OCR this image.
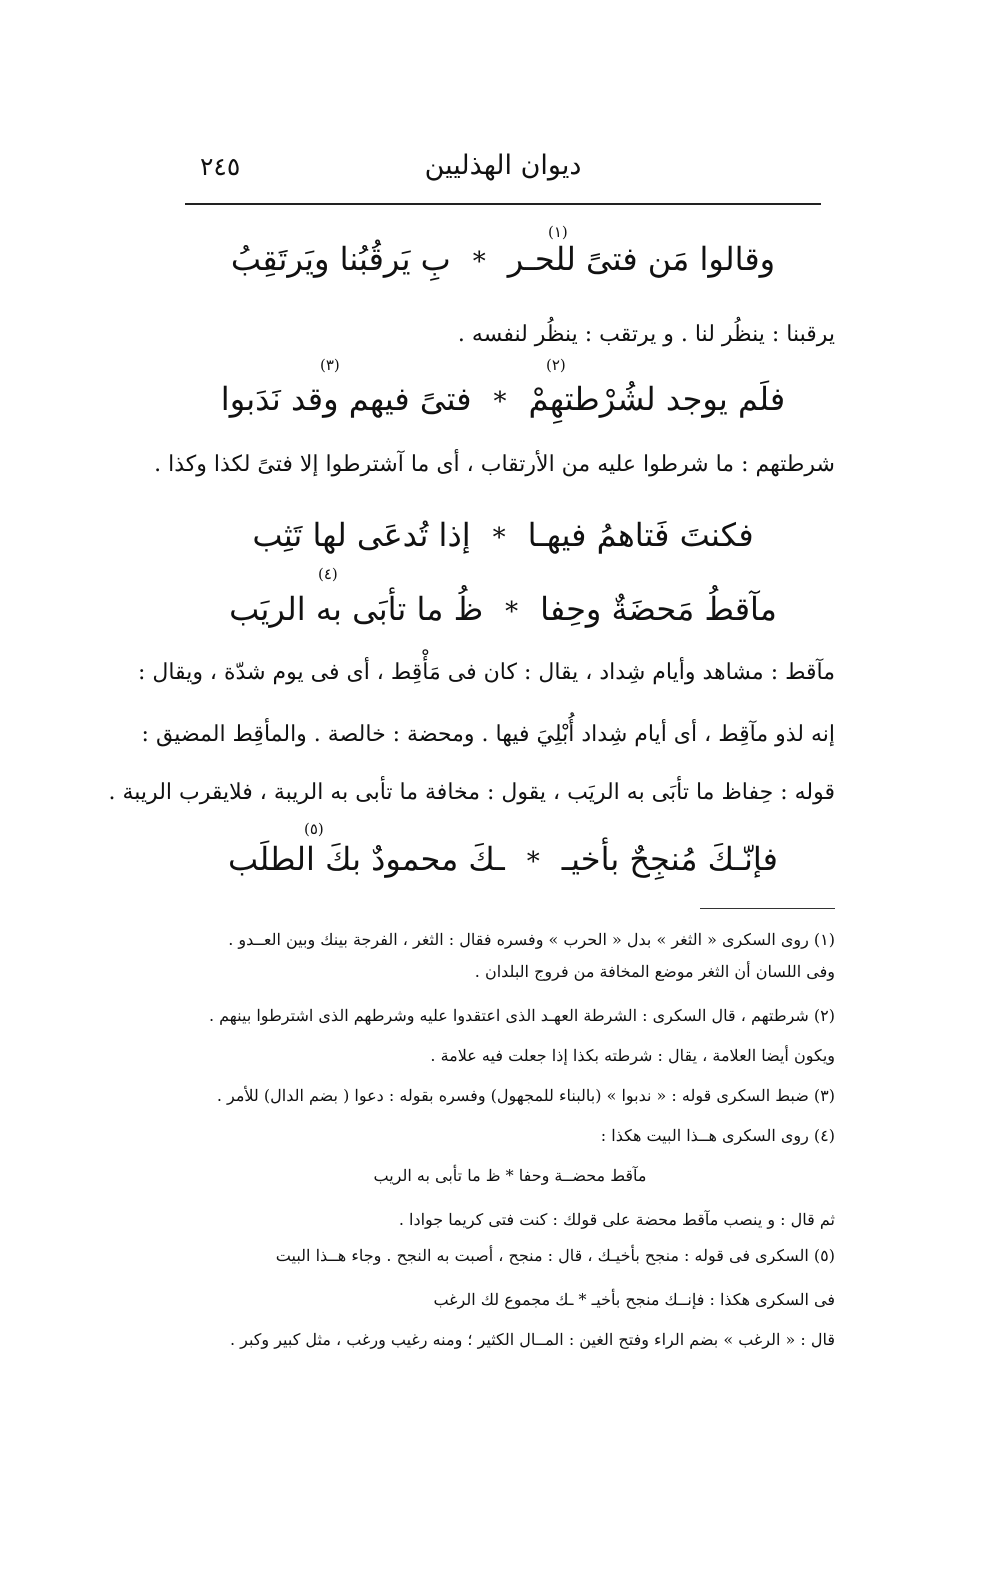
ديوان الهذليين
٢٤٥
(١)
وقالوا مَن فتىً للحـر*بِ يَرقُبُنا ويَرتَقِبُ
يرقبنا : ينظُر لنا . و يرتقب : ينظُر لنفسه .
(٢)
(٣)
فلَم يوجد لشُرْطتهِمْ*فتىً فيهم وقد نَدَبوا
شرطتهم : ما شرطوا عليه من الأرتقاب ، أى ما آشترطوا إلا فتىً لكذا وكذا .
فكنتَ فَتاهمُ فيهـا*إذا تُدعَى لها تَثِب
(٤)
مآقطُ مَحضَةٌ وحِفا*ظُ ما تأبَى به الريَب
مآقط : مشاهد وأيام شِداد ، يقال : كان فى مَأْقِط ، أى فى يوم شدّة ، ويقال :
إنه لذو مآقِط ، أى أيام شِداد أُبْلِيَ فيها . ومحضة : خالصة . والمأقِط المضيق :
قوله : حِفاظ ما تأبَى به الريَب ، يقول : مخافة ما تأبى به الريبة ، فلايقرب الريبة .
(٥)
فإنّـكَ مُنجِحٌ بأخيـ*ـكَ محمودٌ بكَ الطلَب
(١) روى السكرى « الثغر » بدل « الحرب » وفسره فقال : الثغر ، الفرجة بينك وبين العــدو .
وفى اللسان أن الثغر موضع المخافة من فروج البلدان .
(٢) شرطتهم ، قال السكرى : الشرطة العهـد الذى اعتقدوا عليه وشرطهم الذى اشترطوا بينهم .
ويكون أيضا العلامة ، يقال : شرطته بكذا إذا جعلت فيه علامة .
(٣) ضبط السكرى قوله : « ندبوا » (بالبناء للمجهول) وفسره بقوله : دعوا ( بضم الدال) للأمر .
(٤) روى السكرى هــذا البيت هكذا :
مآقط محضــة وحفا * ظ ما تأبى به الريب
ثم قال : و ينصب مآقط محضة على قولك : كنت فتى كريما جوادا .
(٥) السكرى فى قوله : منجح بأخيـك ، قال : منجح ، أصبت به النجح . وجاء هــذا البيت
فى السكرى هكذا : فإنــك منجح بأخيـ * ـك مجموع لك الرغب
قال : « الرغب » بضم الراء وفتح الغين : المــال الكثير ؛ ومنه رغيب ورغب ، مثل كبير وكبر .
